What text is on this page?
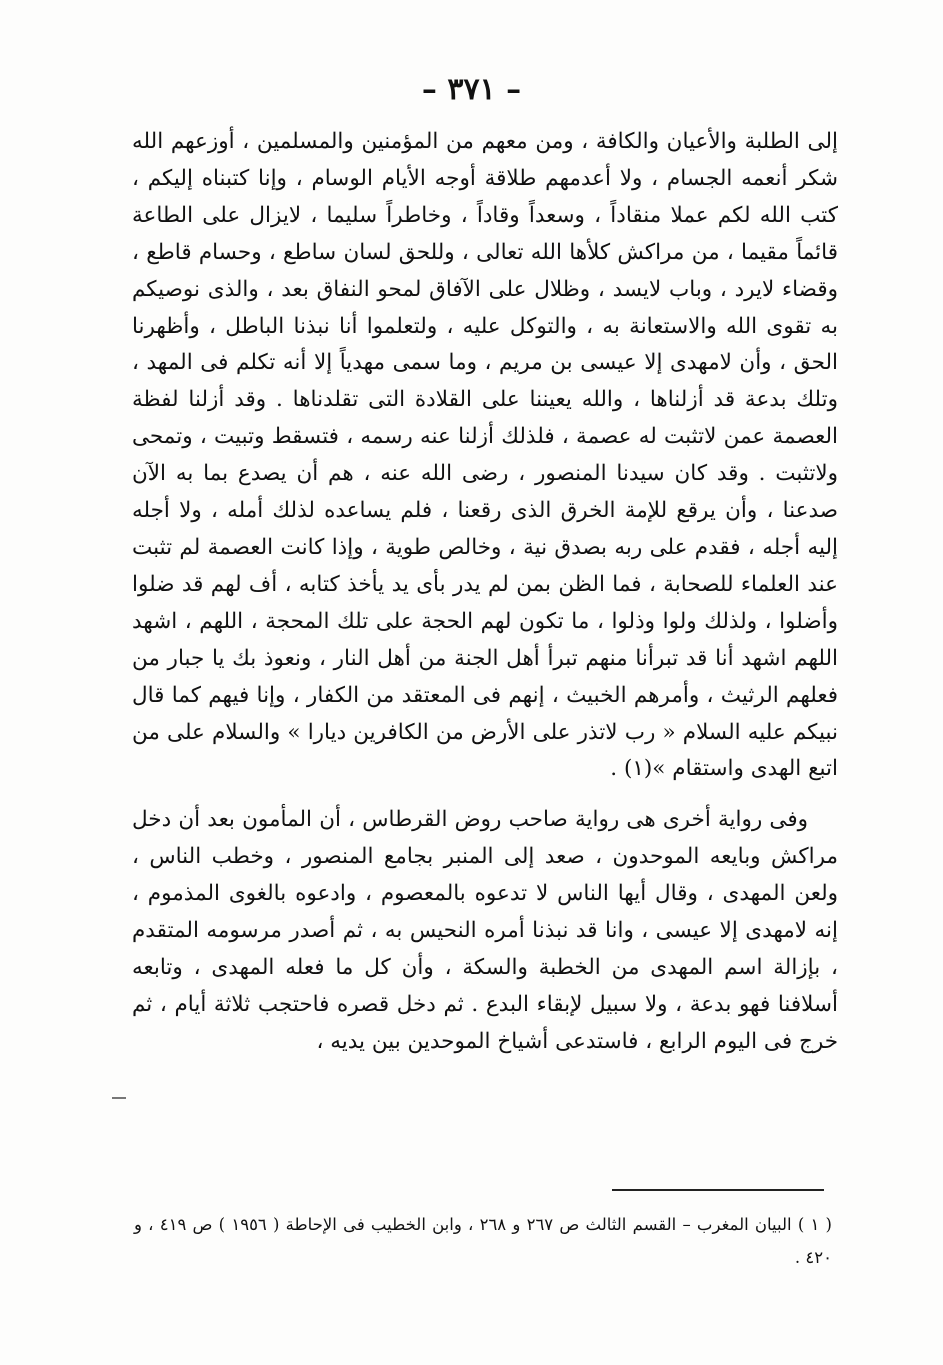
– ٣٧١ –

إلى الطلبة والأعيان والكافة ، ومن معهم من المؤمنين والمسلمين ، أوزعهم الله شكر أنعمه الجسام ، ولا أعدمهم طلاقة أوجه الأيام الوسام ، وإنا كتبناه إليكم ، كتب الله لكم عملا منقاداً ، وسعداً وقاداً ، وخاطراً سليما ، لايزال على الطاعة قائماً مقيما ، من مراكش كلأها الله تعالى ، وللحق لسان ساطع ، وحسام قاطع ، وقضاء لايرد ، وباب لايسد ، وظلال على الآفاق لمحو النفاق بعد ، والذى نوصيكم به تقوى الله والاستعانة به ، والتوكل عليه ، ولتعلموا أنا نبذنا الباطل ، وأظهرنا الحق ، وأن لامهدى إلا عيسى بن مريم ، وما سمى مهدياً إلا أنه تكلم فى المهد ، وتلك بدعة قد أزلناها ، والله يعيننا على القلادة التى تقلدناها . وقد أزلنا لفظة العصمة عمن لاتثبت له عصمة ، فلذلك أزلنا عنه رسمه ، فتسقط وتبيت ، وتمحى ولاتثبت . وقد كان سيدنا المنصور ، رضى الله عنه ، هم أن يصدع بما به الآن صدعنا ، وأن يرقع للإمة الخرق الذى رقعنا ، فلم يساعده لذلك أمله ، ولا أجله إليه أجله ، فقدم على ربه بصدق نية ، وخالص طوية ، وإذا كانت العصمة لم تثبت عند العلماء للصحابة ، فما الظن بمن لم يدر بأى يد يأخذ كتابه ، أف لهم قد ضلوا وأضلوا ، ولذلك ولوا وذلوا ، ما تكون لهم الحجة على تلك المحجة ، اللهم ، اشهد اللهم اشهد أنا قد تبرأنا منهم تبرأ أهل الجنة من أهل النار ، ونعوذ بك يا جبار من فعلهم الرثيث ، وأمرهم الخبيث ، إنهم فى المعتقد من الكفار ، وإنا فيهم كما قال نبيكم عليه السلام « رب لاتذر على الأرض من الكافرين ديارا » والسلام على من اتبع الهدى واستقام »(١) .

وفى رواية أخرى هى رواية صاحب روض القرطاس ، أن المأمون بعد أن دخل مراكش وبايعه الموحدون ، صعد إلى المنبر بجامع المنصور ، وخطب الناس ، ولعن المهدى ، وقال أيها الناس لا تدعوه بالمعصوم ، وادعوه بالغوى المذموم ، إنه لامهدى إلا عيسى ، وانا قد نبذنا أمره النحيس به ، ثم أصدر مرسومه المتقدم ، بإزالة اسم المهدى من الخطبة والسكة ، وأن كل ما فعله المهدى ، وتابعه أسلافنا فهو بدعة ، ولا سبيل لإبقاء البدع . ثم دخل قصره فاحتجب ثلاثة أيام ، ثم خرج فى اليوم الرابع ، فاستدعى أشياخ الموحدين بين يديه ،

( ١ ) البيان المغرب – القسم الثالث ص ٢٦٧ و ٢٦٨ ، وابن الخطيب فى الإحاطة ( ١٩٥٦ ) ص ٤١٩ ، و ٤٢٠ .
